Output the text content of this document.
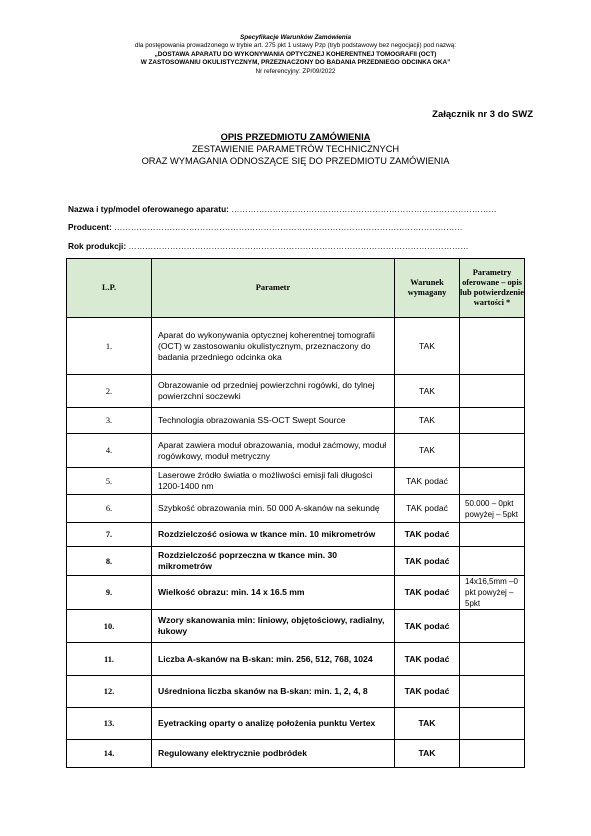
Specyfikacje Warunków Zamówienia
dla postępowania prowadzonego w trybie art. 275 pkt 1 ustawy Pzp (tryb podstawowy bez negocjacji) pod nazwą:
„DOSTAWA APARATU DO WYKONYWANIA OPTYCZNEJ KOHERENTNEJ TOMOGRAFII (OCT)
W ZASTOSOWANIU OKULISTYCZNYM, PRZEZNACZONY DO BADANIA PRZEDNIEGO ODCINKA OKA”
Nr referencyjny: ZP/09/2022
Załącznik nr 3 do SWZ
OPIS PRZEDMIOTU ZAMÓWIENIA
ZESTAWIENIE PARAMETRÓW TECHNICZNYCH
ORAZ WYMAGANIA ODNOSZĄCE SIĘ DO PRZEDMIOTU ZAMÓWIENIA
Nazwa i typ/model oferowanego aparatu: ……………………………………………………………………………………
Producent: ………………………………………………………………………………………………………………
Rok produkcji: ……………………………………………………………………………………………………………
L.P.	Parametr	Warunek wymagany	Parametry oferowane – opis lub potwierdzenie wartości *
1.	Aparat do wykonywania optycznej koherentnej tomografii (OCT) w zastosowaniu okulistycznym, przeznaczony do badania przedniego odcinka oka	TAK	
2.	Obrazowanie od przedniej powierzchni rogówki, do tylnej powierzchni soczewki	TAK	
3.	Technologia obrazowania SS-OCT Swept Source	TAK	
4.	Aparat zawiera moduł obrazowania, moduł zaćmowy, moduł rogówkowy, moduł metryczny	TAK	
5.	Laserowe źródło światła o możliwości emisji fali długości 1200-1400 nm	TAK podać	
6.	Szybkość obrazowania min. 50 000 A-skanów na sekundę	TAK podać	50.000 – 0pkt powyżej – 5pkt
7.	Rozdzielczość osiowa w tkance min. 10 mikrometrów	TAK podać	
8.	Rozdzielczość poprzeczna w tkance min. 30 mikrometrów	TAK podać	
9.	Wielkość obrazu: min. 14 x 16.5 mm	TAK podać	14x16,5mm –0 pkt powyżej – 5pkt
10.	Wzory skanowania min: liniowy, objętościowy, radialny, łukowy	TAK podać	
11.	Liczba A-skanów na B-skan: min. 256, 512, 768, 1024	TAK podać	
12.	Uśredniona liczba skanów na B-skan: min. 1, 2, 4, 8	TAK podać	
13.	Eyetracking oparty o analizę położenia punktu Vertex	TAK	
14.	Regulowany elektrycznie podbródek	TAK	
